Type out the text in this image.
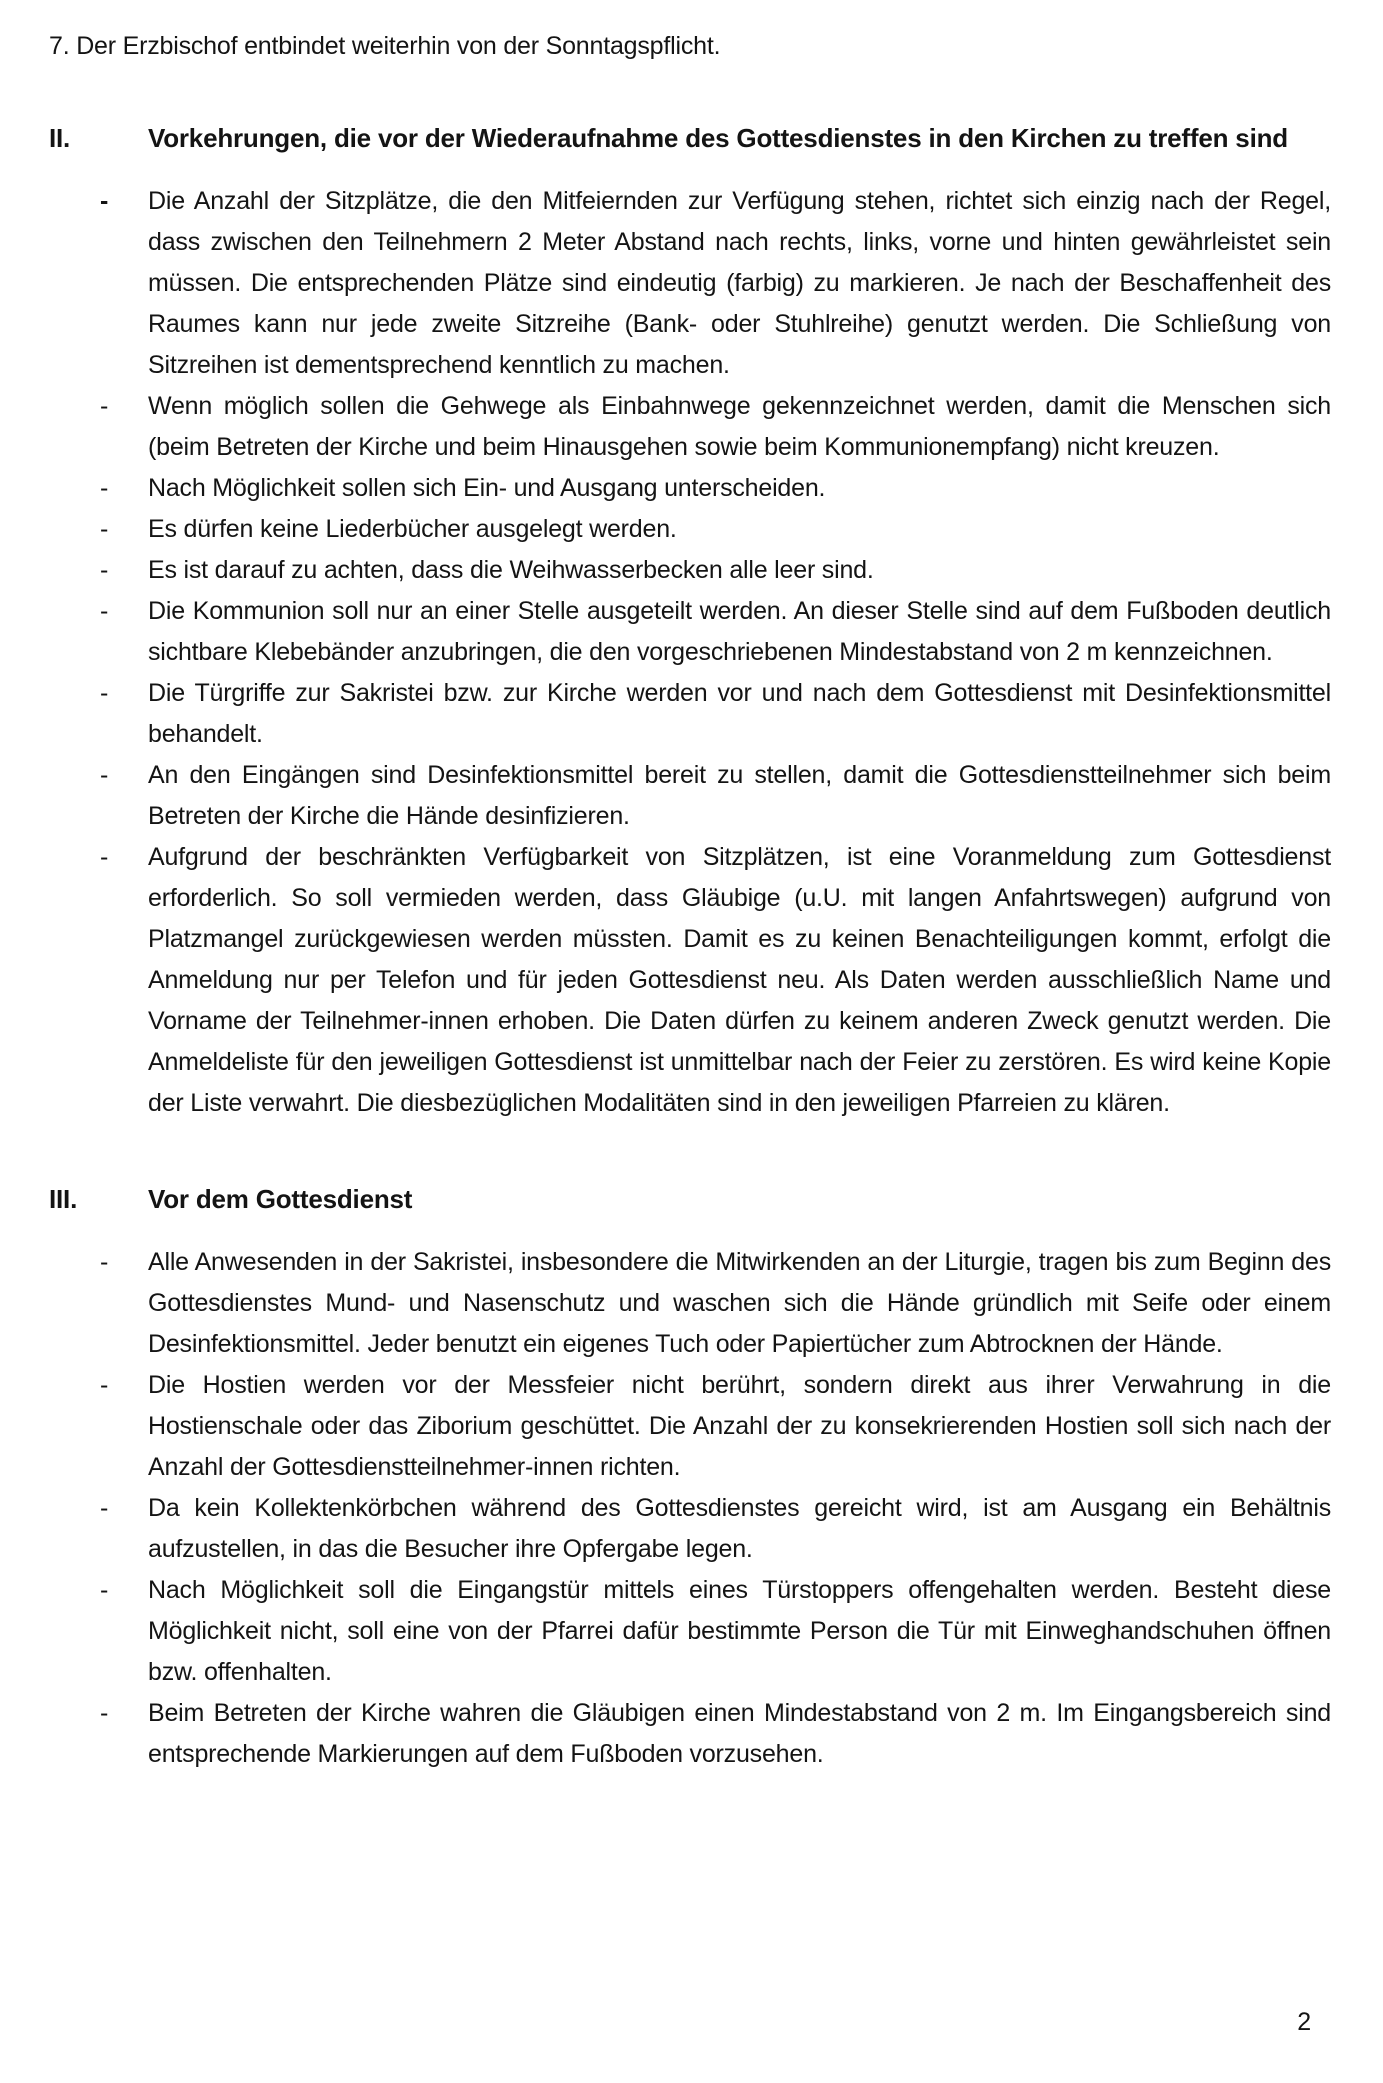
7. Der Erzbischof entbindet weiterhin von der Sonntagspflicht.

II.	Vorkehrungen, die vor der Wiederaufnahme des Gottesdienstes in den Kirchen zu treffen sind
-	Die Anzahl der Sitzplätze, die den Mitfeiernden zur Verfügung stehen, richtet sich einzig nach der Regel, dass zwischen den Teilnehmern 2 Meter Abstand nach rechts, links, vorne und hinten gewährleistet sein müssen. Die entsprechenden Plätze sind eindeutig (farbig) zu markieren. Je nach der Beschaffenheit des Raumes kann nur jede zweite Sitzreihe (Bank- oder Stuhlreihe) genutzt werden. Die Schließung von Sitzreihen ist dementsprechend kenntlich zu machen.

-	Wenn möglich sollen die Gehwege als Einbahnwege gekennzeichnet werden, damit die Menschen sich (beim Betreten der Kirche und beim Hinausgehen sowie beim Kommunionempfang) nicht kreuzen.

-	Nach Möglichkeit sollen sich Ein- und Ausgang unterscheiden.

-	Es dürfen keine Liederbücher ausgelegt werden.

-	Es ist darauf zu achten, dass die Weihwasserbecken alle leer sind.

-	Die Kommunion soll nur an einer Stelle ausgeteilt werden. An dieser Stelle sind auf dem Fußboden deutlich sichtbare Klebebänder anzubringen, die den vorgeschriebenen Mindestabstand von 2 m kennzeichnen.

-	Die Türgriffe zur Sakristei bzw. zur Kirche werden vor und nach dem Gottesdienst mit Desinfektionsmittel behandelt.

-	An den Eingängen sind Desinfektionsmittel bereit zu stellen, damit die Gottesdienstteilnehmer sich beim Betreten der Kirche die Hände desinfizieren.

-	Aufgrund der beschränkten Verfügbarkeit von Sitzplätzen, ist eine Voranmeldung zum Gottesdienst erforderlich. So soll vermieden werden, dass Gläubige (u.U. mit langen Anfahrtswegen) aufgrund von Platzmangel zurückgewiesen werden müssten. Damit es zu keinen Benachteiligungen kommt, erfolgt die Anmeldung nur per Telefon und für jeden Gottesdienst neu. Als Daten werden ausschließlich Name und Vorname der Teilnehmer-innen erhoben. Die Daten dürfen zu keinem anderen Zweck genutzt werden. Die Anmeldeliste für den jeweiligen Gottesdienst ist unmittelbar nach der Feier zu zerstören. Es wird keine Kopie der Liste verwahrt. Die diesbezüglichen Modalitäten sind in den jeweiligen Pfarreien zu klären.

III.	Vor dem Gottesdienst
-	Alle Anwesenden in der Sakristei, insbesondere die Mitwirkenden an der Liturgie, tragen bis zum Beginn des Gottesdienstes Mund- und Nasenschutz und waschen sich die Hände gründlich mit Seife oder einem Desinfektionsmittel. Jeder benutzt ein eigenes Tuch oder Papiertücher zum Abtrocknen der Hände.

-	Die Hostien werden vor der Messfeier nicht berührt, sondern direkt aus ihrer Verwahrung in die Hostienschale oder das Ziborium geschüttet. Die Anzahl der zu konsekrierenden Hostien soll sich nach der Anzahl der Gottesdienstteilnehmer-innen richten.

-	Da kein Kollektenkörbchen während des Gottesdienstes gereicht wird, ist am Ausgang ein Behältnis aufzustellen, in das die Besucher ihre Opfergabe legen.

-	Nach Möglichkeit soll die Eingangstür mittels eines Türstoppers offengehalten werden. Besteht diese Möglichkeit nicht, soll eine von der Pfarrei dafür bestimmte Person die Tür mit Einweghandschuhen öffnen bzw. offenhalten.

-	Beim Betreten der Kirche wahren die Gläubigen einen Mindestabstand von 2 m. Im Eingangsbereich sind entsprechende Markierungen auf dem Fußboden vorzusehen.

2
